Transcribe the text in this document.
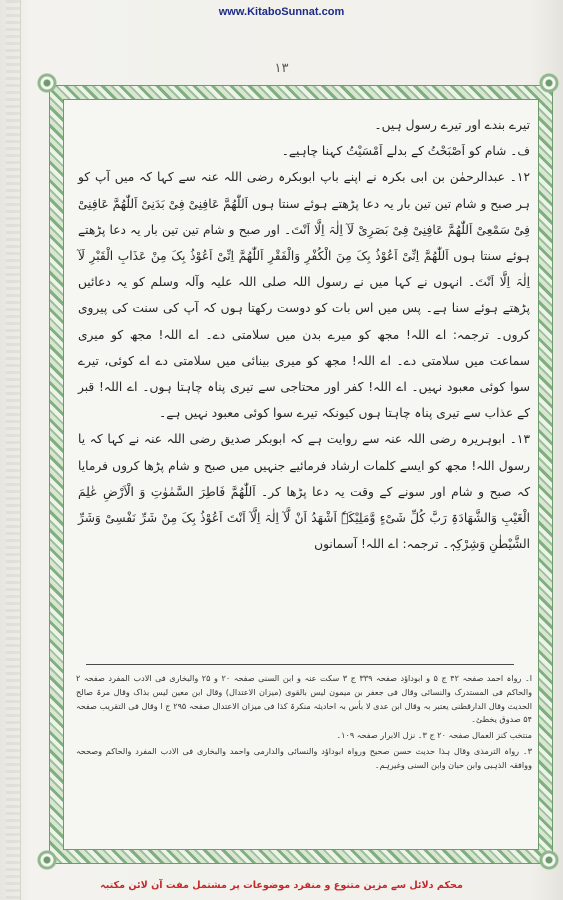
www.KitaboSunnat.com
۱۳

تیرے بندے اور تیرے رسول ہیں۔

ف۔ شام کو اَصْبَحْتُ کے بدلے اَمْسَیْتُ کہنا چاہیے۔

۱۲۔ عبدالرحمٰن بن ابی بکرہ نے اپنے باپ ابوبکرہ رضی اللہ عنہ سے کہا کہ میں آپ کو ہر صبح و شام تین تین بار یہ دعا پڑھتے ہوئے سنتا ہوں اَللّٰھُمَّ عَافِنِیْ فِیْ بَدَنِیْ اَللّٰھُمَّ عَافِنِیْ فِیْ سَمْعِیْ اَللّٰھُمَّ عَافِنِیْ فِیْ بَصَرِیْ لَآ اِلٰہَ اِلَّا اَنْتَ۔ اور صبح و شام تین تین بار یہ دعا پڑھتے ہوئے سنتا ہوں اَللّٰھُمَّ اِنِّیْ اَعُوْذُ بِکَ مِنَ الْکُفْرِ وَالْفَقْرِ اَللّٰھُمَّ اِنِّیْ اَعُوْذُ بِکَ مِنْ عَذَابِ الْقَبْرِ لَآ اِلٰہَ اِلَّا اَنْتَ۔ انہوں نے کہا میں نے رسول اللہ صلی اللہ علیہ وآلہ وسلم کو یہ دعائیں پڑھتے ہوئے سنا ہے۔ پس میں اس بات کو دوست رکھتا ہوں کہ آپ کی سنت کی پیروی کروں۔ ترجمہ: اے اللہ! مجھ کو میرے بدن میں سلامتی دے۔ اے اللہ! مجھ کو میری سماعت میں سلامتی دے۔ اے اللہ! مجھ کو میری بینائی میں سلامتی دے اے کوئی، تیرے سوا کوئی معبود نہیں۔ اے اللہ! کفر اور محتاجی سے تیری پناہ چاہتا ہوں۔ اے اللہ! قبر کے عذاب سے تیری پناہ چاہتا ہوں کیونکہ تیرے سوا کوئی معبود نہیں ہے۔

۱۳۔ ابوہریرہ رضی اللہ عنہ سے روایت ہے کہ ابوبکر صدیق رضی اللہ عنہ نے کہا کہ یا رسول اللہ! مجھ کو ایسے کلمات ارشاد فرمائیے جنہیں میں صبح و شام پڑھا کروں فرمایا کہ صبح و شام اور سونے کے وقت یہ دعا پڑھا کر۔ اَللّٰھُمَّ فَاطِرَ السَّمٰوٰتِ وَ الْاَرْضِ عٰلِمَ الْغَیْبِ وَالشَّھَادَۃِ رَبَّ کُلِّ شَیْءٍ وَّمَلِیْکَہٗ اَشْھَدُ اَنْ لَّآ اِلٰہَ اِلَّآ اَنْتَ اَعُوْذُ بِکَ مِنْ شَرِّ نَفْسِیْ وَشَرِّ الشَّیْطٰنِ وَشِرْکِہٖ۔ ترجمہ: اے اللہ! آسمانوں

ا۔ رواہ احمد صفحہ ۴۲ ج ۵ و ابوداؤد صفحہ ۳۳۹ ج ۳ سکت عنہ و ابن السنی صفحہ ۲۰ و ۲۵ والبخاری فی الادب المفرد صفحہ ۲ والحاکم فی المستدرک والنسائی وقال فی جعفر بن میمون لیس بالقوی (میزان الاعتدال) وقال ابن معین لیس بذاک وقال مرۃ صالح الحدیث وقال الدارقطنی یعتبر بہ وقال ابن عدی لا بأس بہ احادیثہ منکرۃ کذا فی میزان الاعتدال صفحہ ۲۹۵ ج ا وقال فی التقریب صفحہ ۵۴ صدوق یخطئ۔

منتخب کنز العمال صفحہ ۲۰ ج ۳۔ نزل الابرار صفحہ ۱۰۹۔

۳۔ رواہ الترمذی وقال ہذا حدیث حسن صحیح ورواہ ابوداؤد والنسائی والدارمی واحمد والبخاری فی الادب المفرد والحاکم وصححہ ووافقہ الذہبی وابن حبان وابن السنی وغیرہم۔

محکم دلائل سے مزین متنوع و منفرد موضوعات پر مشتمل مفت آن لائن مکتبہ
